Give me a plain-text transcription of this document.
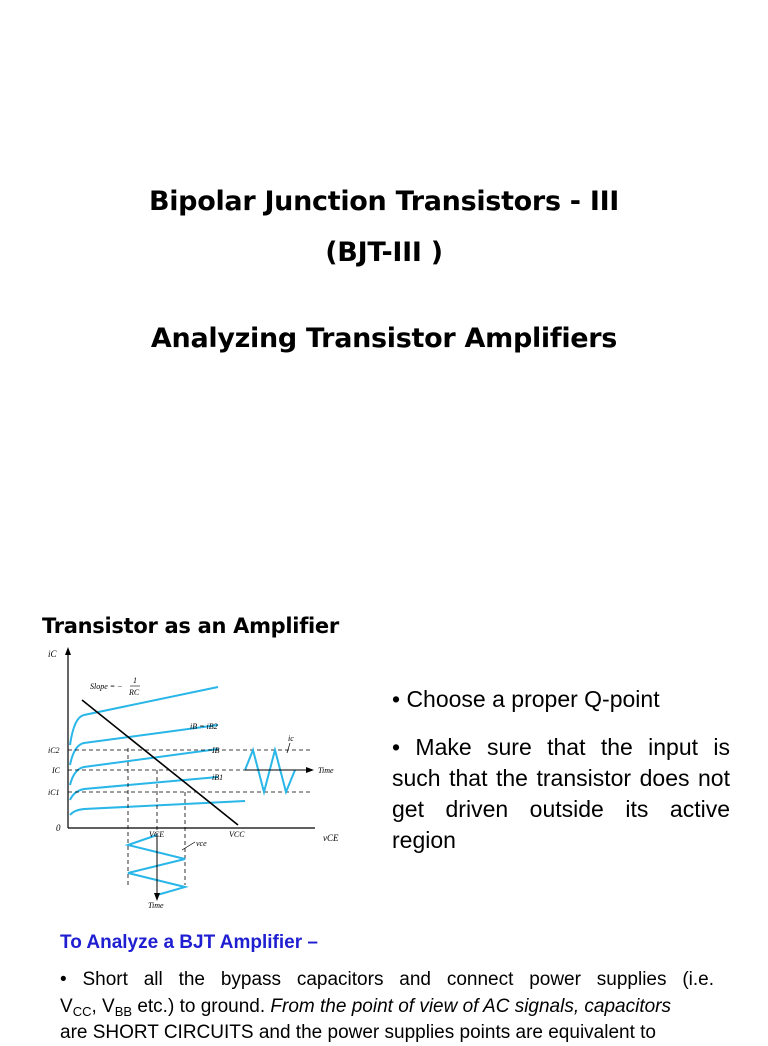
Bipolar Junction Transistors - III
(BJT-III )
Analyzing Transistor Amplifiers
Transistor as an Amplifier
iC
vCE
0
Time
ic
Time
vce
Slope = −
1
RC
iB = iB2
IB
iB1
iC2
IC
iC1
VCE	VCC

• Choose a proper Q-point

• Make sure that the input is such that the transistor does not get driven outside its active region

To Analyze a BJT Amplifier –
• Short all the bypass capacitors and connect power supplies (i.e.
$V_{CC}$, $V_{BB}$ etc.) to ground. From the point of view of AC signals, capacitors
are SHORT CIRCUITS and the power supplies points are equivalent to
